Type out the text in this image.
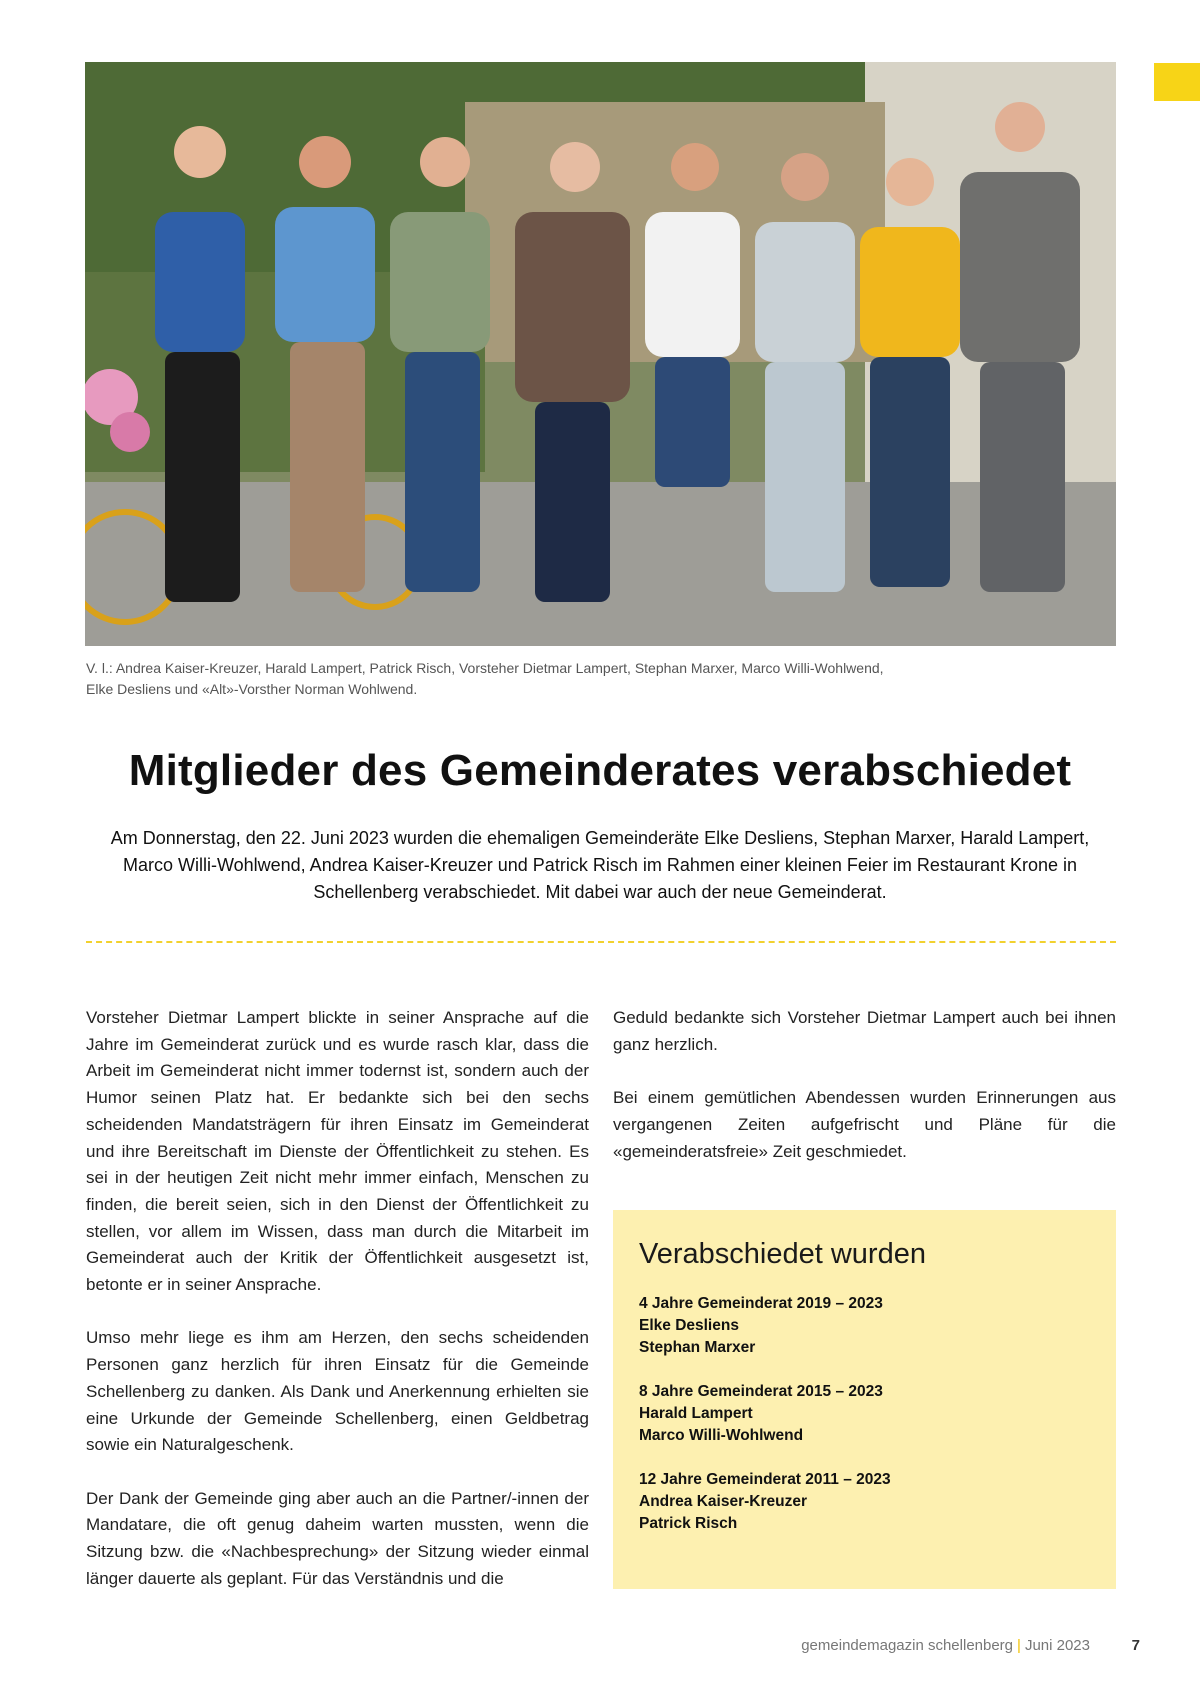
V. l.: Andrea Kaiser-Kreuzer, Harald Lampert, Patrick Risch, Vorsteher Dietmar Lampert, Stephan Marxer, Marco Willi-Wohlwend,
Elke Desliens und «Alt»-Vorsther Norman Wohlwend.
Mitglieder des Gemeinderates verabschiedet

Am Donnerstag, den 22. Juni 2023 wurden die ehemaligen Gemeinderäte Elke Desliens, Stephan Marxer, Harald Lampert, Marco Willi-Wohlwend, Andrea Kaiser-Kreuzer und Patrick Risch im Rahmen einer kleinen Feier im Restaurant Krone in Schellenberg verabschiedet. Mit dabei war auch der neue Gemeinderat.

Vorsteher Dietmar Lampert blickte in seiner Ansprache auf die Jahre im Gemeinderat zurück und es wurde rasch klar, dass die Arbeit im Gemeinderat nicht immer todernst ist, sondern auch der Humor seinen Platz hat. Er bedankte sich bei den sechs scheidenden Mandatsträgern für ihren Einsatz im Gemeinderat und ihre Bereitschaft im Dienste der Öffentlichkeit zu stehen. Es sei in der heutigen Zeit nicht mehr immer einfach, Menschen zu finden, die bereit seien, sich in den Dienst der Öffentlichkeit zu stellen, vor allem im Wissen, dass man durch die Mitarbeit im Gemeinderat auch der Kritik der Öffentlichkeit ausgesetzt ist, betonte er in seiner Ansprache.

Umso mehr liege es ihm am Herzen, den sechs scheidenden Personen ganz herzlich für ihren Einsatz für die Gemeinde Schellenberg zu danken. Als Dank und Anerkennung erhielten sie eine Urkunde der Gemeinde Schellenberg, einen Geldbetrag sowie ein Naturalgeschenk.

Der Dank der Gemeinde ging aber auch an die Partner/-innen der Mandatare, die oft genug daheim warten mussten, wenn die Sitzung bzw. die «Nachbesprechung» der Sitzung wieder einmal länger dauerte als geplant. Für das Verständnis und die

Geduld bedankte sich Vorsteher Dietmar Lampert auch bei ihnen ganz herzlich.

Bei einem gemütlichen Abendessen wurden Erinnerungen aus vergangenen Zeiten aufgefrischt und Pläne für die «gemeinderatsfreie» Zeit geschmiedet.

Verabschiedet wurden
4 Jahre Gemeinderat 2019 – 2023
Elke Desliens
Stephan Marxer
8 Jahre Gemeinderat 2015 – 2023
Harald Lampert
Marco Willi-Wohlwend
12 Jahre Gemeinderat 2011 – 2023
Andrea Kaiser-Kreuzer
Patrick Risch
gemeindemagazin schellenberg | Juni 2023	7
